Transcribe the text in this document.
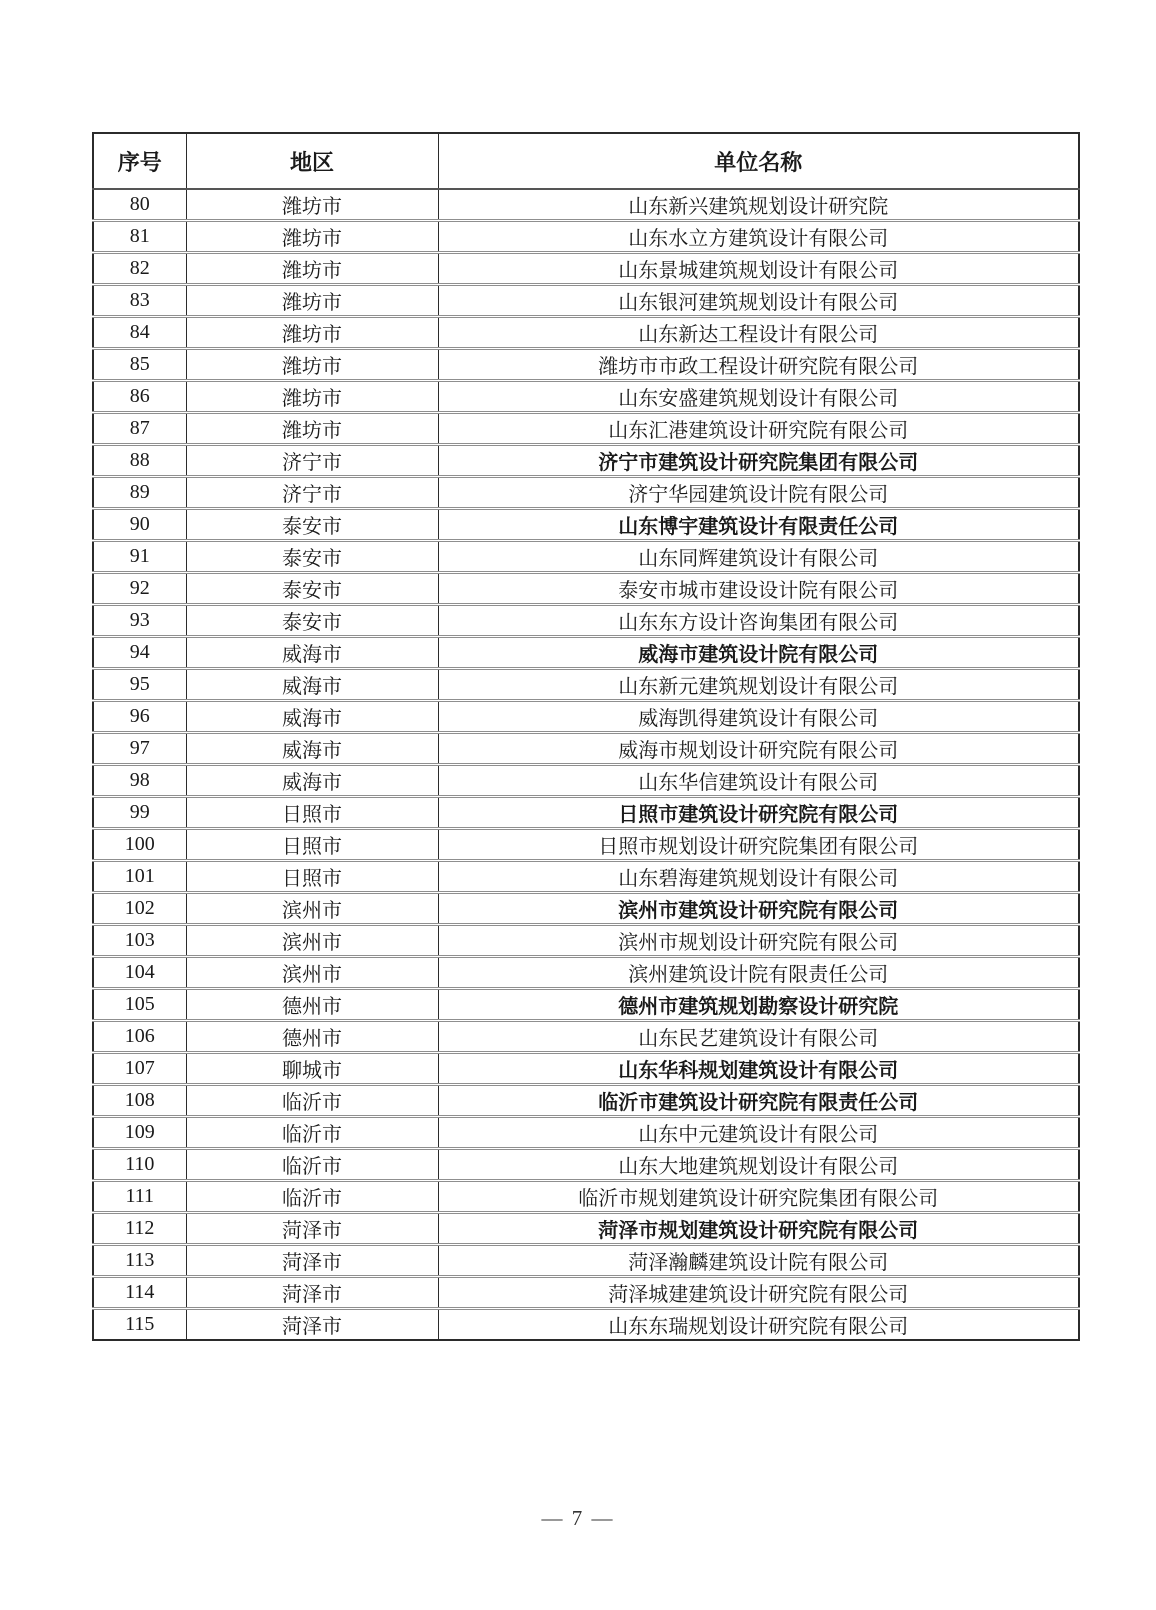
序号	地区	单位名称
80	潍坊市	山东新兴建筑规划设计研究院
81	潍坊市	山东水立方建筑设计有限公司
82	潍坊市	山东景城建筑规划设计有限公司
83	潍坊市	山东银河建筑规划设计有限公司
84	潍坊市	山东新达工程设计有限公司
85	潍坊市	潍坊市市政工程设计研究院有限公司
86	潍坊市	山东安盛建筑规划设计有限公司
87	潍坊市	山东汇港建筑设计研究院有限公司
88	济宁市	济宁市建筑设计研究院集团有限公司
89	济宁市	济宁华园建筑设计院有限公司
90	泰安市	山东博宇建筑设计有限责任公司
91	泰安市	山东同辉建筑设计有限公司
92	泰安市	泰安市城市建设设计院有限公司
93	泰安市	山东东方设计咨询集团有限公司
94	威海市	威海市建筑设计院有限公司
95	威海市	山东新元建筑规划设计有限公司
96	威海市	威海凯得建筑设计有限公司
97	威海市	威海市规划设计研究院有限公司
98	威海市	山东华信建筑设计有限公司
99	日照市	日照市建筑设计研究院有限公司
100	日照市	日照市规划设计研究院集团有限公司
101	日照市	山东碧海建筑规划设计有限公司
102	滨州市	滨州市建筑设计研究院有限公司
103	滨州市	滨州市规划设计研究院有限公司
104	滨州市	滨州建筑设计院有限责任公司
105	德州市	德州市建筑规划勘察设计研究院
106	德州市	山东民艺建筑设计有限公司
107	聊城市	山东华科规划建筑设计有限公司
108	临沂市	临沂市建筑设计研究院有限责任公司
109	临沂市	山东中元建筑设计有限公司
110	临沂市	山东大地建筑规划设计有限公司
111	临沂市	临沂市规划建筑设计研究院集团有限公司
112	菏泽市	菏泽市规划建筑设计研究院有限公司
113	菏泽市	菏泽瀚麟建筑设计院有限公司
114	菏泽市	菏泽城建建筑设计研究院有限公司
115	菏泽市	山东东瑞规划设计研究院有限公司
— 7 —
